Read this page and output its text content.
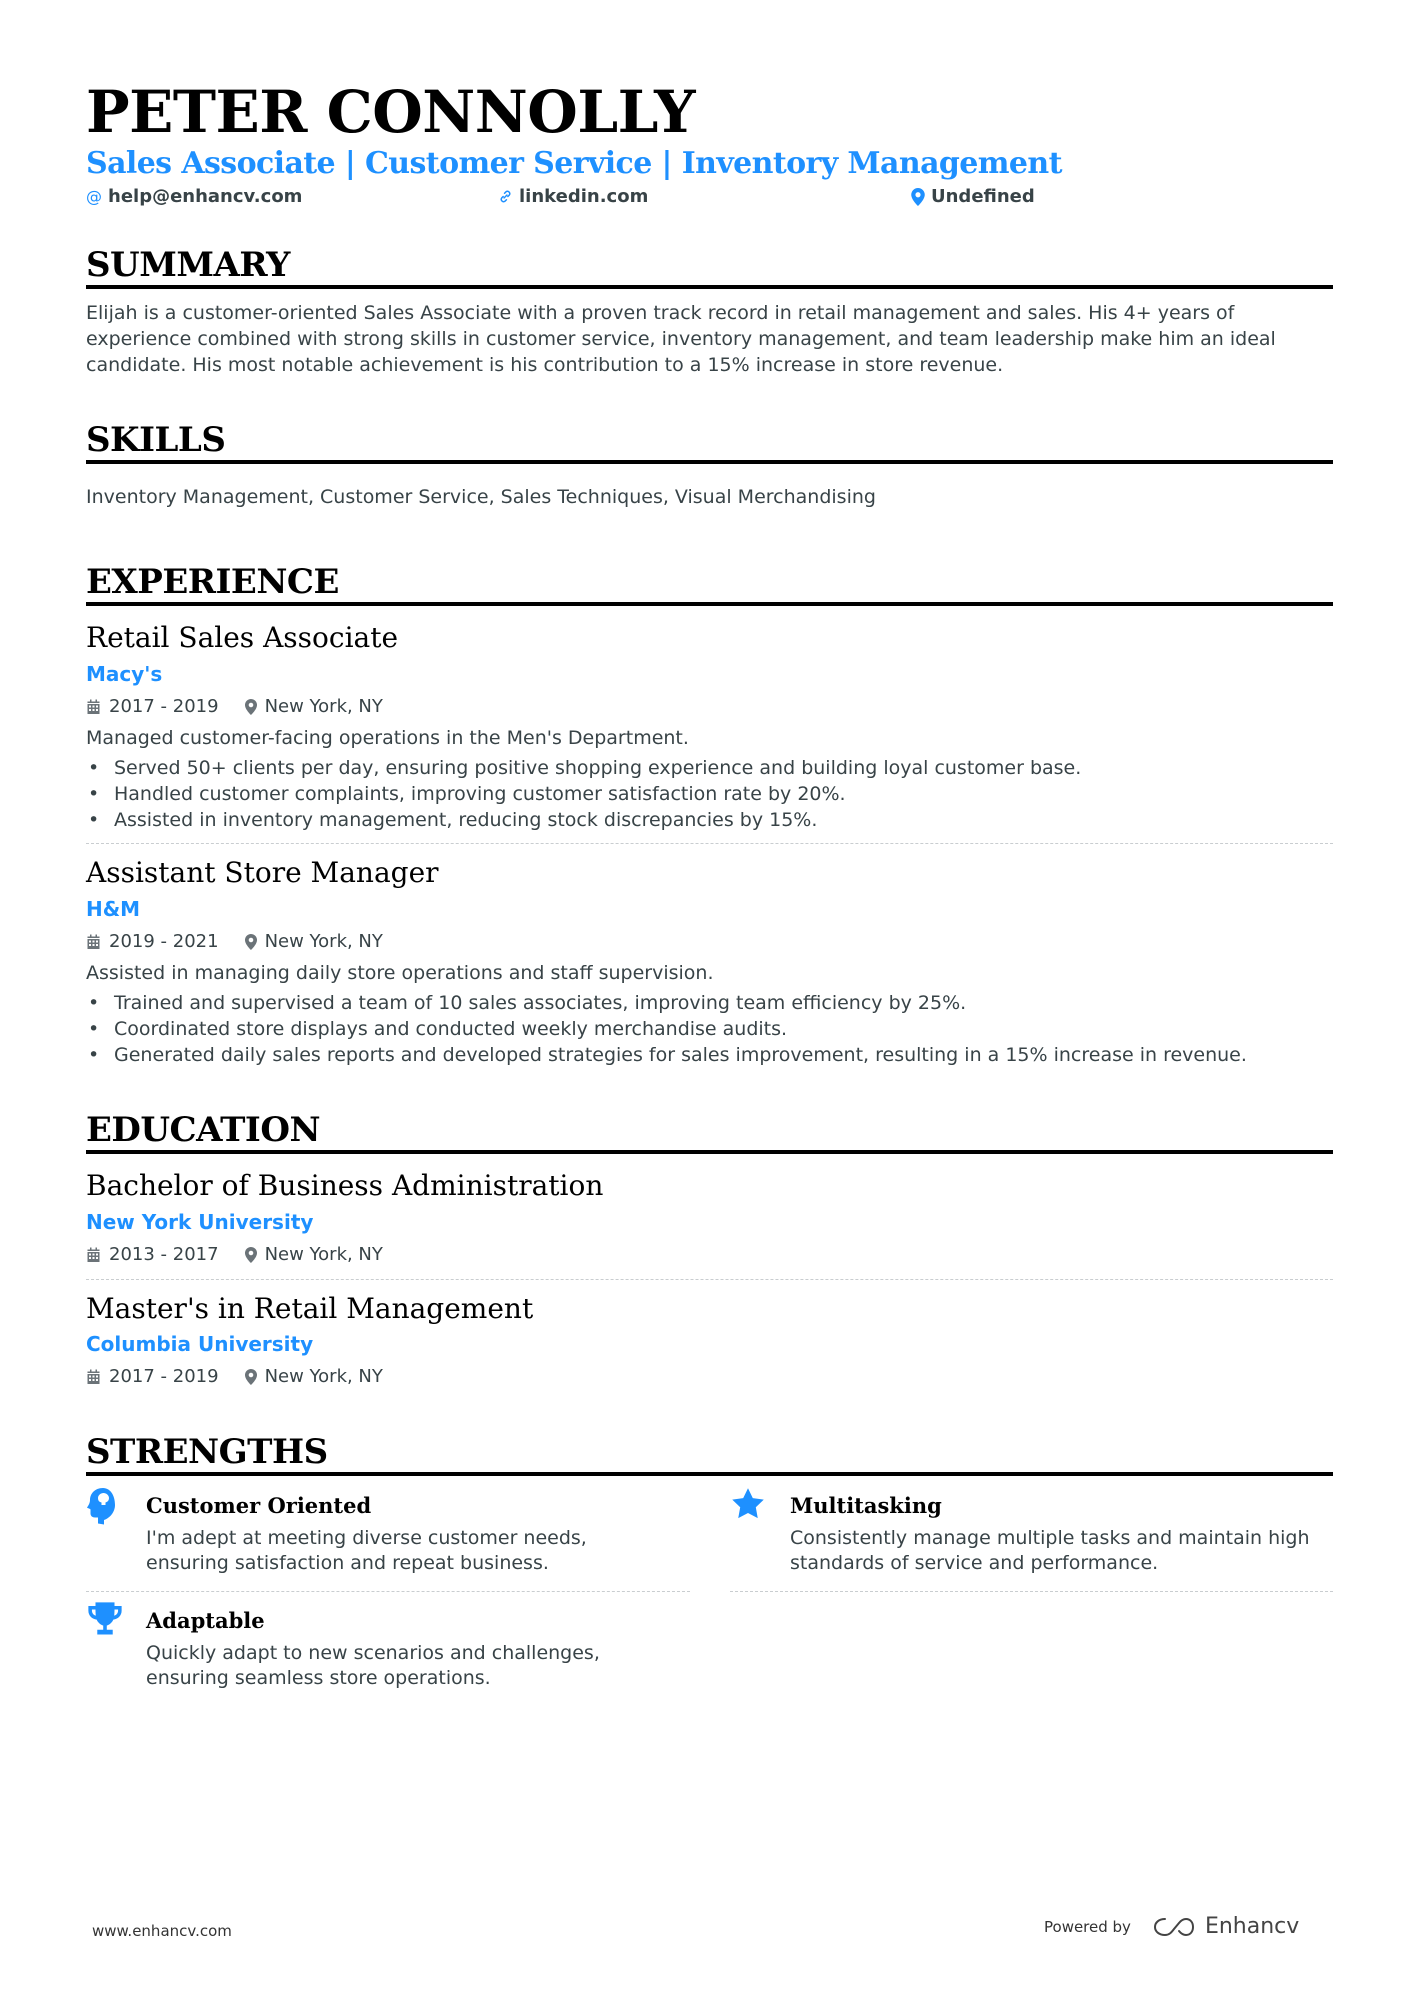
PETER CONNOLLY
Sales Associate | Customer Service | Inventory Management
@ help@enhancv.com	linkedin.com	Undefined
SUMMARY
Elijah is a customer-oriented Sales Associate with a proven track record in retail management and sales. His 4+ years of
experience combined with strong skills in customer service, inventory management, and team leadership make him an ideal
candidate. His most notable achievement is his contribution to a 15% increase in store revenue.
SKILLS
Inventory Management, Customer Service, Sales Techniques, Visual Merchandising
EXPERIENCE
Retail Sales Associate
Macy's
2017 - 2019	New York, NY
Managed customer-facing operations in the Men's Department.
• Served 50+ clients per day, ensuring positive shopping experience and building loyal customer base.
• Handled customer complaints, improving customer satisfaction rate by 20%.
• Assisted in inventory management, reducing stock discrepancies by 15%.
Assistant Store Manager
H&M
2019 - 2021	New York, NY
Assisted in managing daily store operations and staff supervision.
• Trained and supervised a team of 10 sales associates, improving team efficiency by 25%.
• Coordinated store displays and conducted weekly merchandise audits.
• Generated daily sales reports and developed strategies for sales improvement, resulting in a 15% increase in revenue.
EDUCATION
Bachelor of Business Administration
New York University
2013 - 2017	New York, NY
Master's in Retail Management
Columbia University
2017 - 2019	New York, NY
STRENGTHS
Customer Oriented
I'm adept at meeting diverse customer needs,
ensuring satisfaction and repeat business.
Multitasking
Consistently manage multiple tasks and maintain high
standards of service and performance.
Adaptable
Quickly adapt to new scenarios and challenges,
ensuring seamless store operations.
www.enhancv.com	Powered by	Enhancv
